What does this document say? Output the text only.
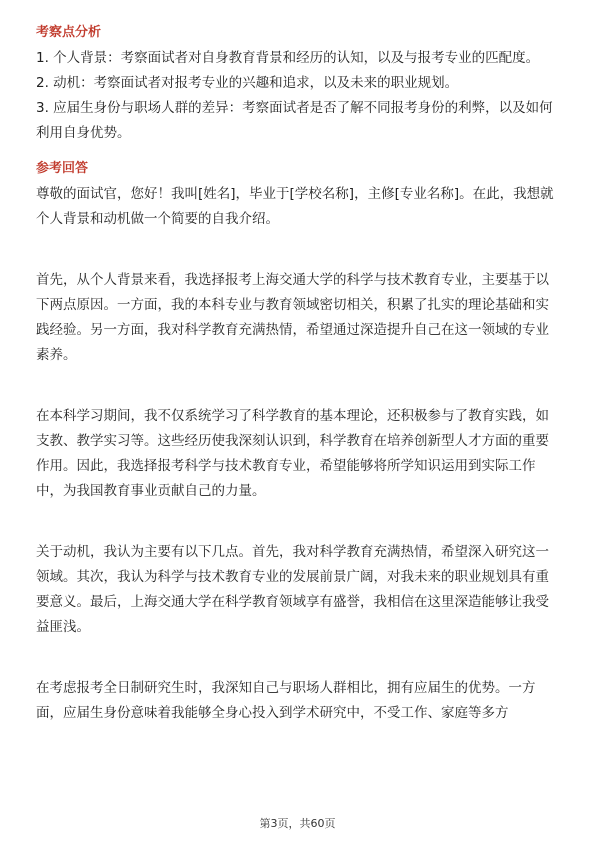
考察点分析

1. 个人背景：考察面试者对自身教育背景和经历的认知，以及与报考专业的匹配度。

2. 动机：考察面试者对报考专业的兴趣和追求，以及未来的职业规划。

3. 应届生身份与职场人群的差异：考察面试者是否了解不同报考身份的利弊，以及如何利用自身优势。

参考回答

尊敬的面试官，您好！我叫[姓名]，毕业于[学校名称]，主修[专业名称]。在此，我想就个人背景和动机做一个简要的自我介绍。

首先，从个人背景来看，我选择报考上海交通大学的科学与技术教育专业，主要基于以下两点原因。一方面，我的本科专业与教育领域密切相关，积累了扎实的理论基础和实践经验。另一方面，我对科学教育充满热情，希望通过深造提升自己在这一领域的专业素养。

在本科学习期间，我不仅系统学习了科学教育的基本理论，还积极参与了教育实践，如支教、教学实习等。这些经历使我深刻认识到，科学教育在培养创新型人才方面的重要作用。因此，我选择报考科学与技术教育专业，希望能够将所学知识运用到实际工作中，为我国教育事业贡献自己的力量。

关于动机，我认为主要有以下几点。首先，我对科学教育充满热情，希望深入研究这一领域。其次，我认为科学与技术教育专业的发展前景广阔，对我未来的职业规划具有重要意义。最后，上海交通大学在科学教育领域享有盛誉，我相信在这里深造能够让我受益匪浅。

在考虑报考全日制研究生时，我深知自己与职场人群相比，拥有应届生的优势。一方面，应届生身份意味着我能够全身心投入到学术研究中，不受工作、家庭等多方

第3页，共60页
